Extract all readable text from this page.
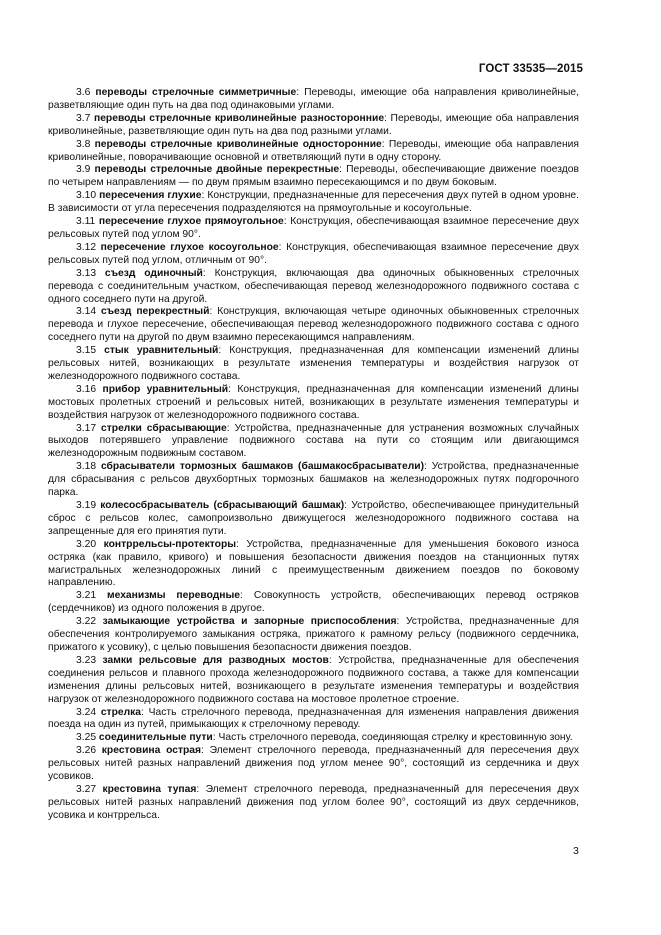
ГОСТ 33535—2015

3.6 переводы стрелочные симметричные: Переводы, имеющие оба направления криволинейные, разветвляющие один путь на два под одинаковыми углами.

3.7 переводы стрелочные криволинейные разносторонние: Переводы, имеющие оба направления криволинейные, разветвляющие один путь на два под разными углами.

3.8 переводы стрелочные криволинейные односторонние: Переводы, имеющие оба направления криволинейные, поворачивающие основной и ответвляющий пути в одну сторону.

3.9 переводы стрелочные двойные перекрестные: Переводы, обеспечивающие движение поездов по четырем направлениям — по двум прямым взаимно пересекающимся и по двум боковым.

3.10 пересечения глухие: Конструкции, предназначенные для пересечения двух путей в одном уровне. В зависимости от угла пересечения подразделяются на прямоугольные и косоугольные.

3.11 пересечение глухое прямоугольное: Конструкция, обеспечивающая взаимное пересечение двух рельсовых путей под углом 90°.

3.12 пересечение глухое косоугольное: Конструкция, обеспечивающая взаимное пересечение двух рельсовых путей под углом, отличным от 90°.

3.13 съезд одиночный: Конструкция, включающая два одиночных обыкновенных стрелочных перевода с соединительным участком, обеспечивающая перевод железнодорожного подвижного состава с одного соседнего пути на другой.

3.14 съезд перекрестный: Конструкция, включающая четыре одиночных обыкновенных стрелочных перевода и глухое пересечение, обеспечивающая перевод железнодорожного подвижного состава с одного соседнего пути на другой по двум взаимно пересекающимся направлениям.

3.15 стык уравнительный: Конструкция, предназначенная для компенсации изменений длины рельсовых нитей, возникающих в результате изменения температуры и воздействия нагрузок от железнодорожного подвижного состава.

3.16 прибор уравнительный: Конструкция, предназначенная для компенсации изменений длины мостовых пролетных строений и рельсовых нитей, возникающих в результате изменения температуры и воздействия нагрузок от железнодорожного подвижного состава.

3.17 стрелки сбрасывающие: Устройства, предназначенные для устранения возможных случайных выходов потерявшего управление подвижного состава на пути со стоящим или двигающимся железнодорожным подвижным составом.

3.18 сбрасыватели тормозных башмаков (башмакосбрасыватели): Устройства, предназначенные для сбрасывания с рельсов двухбортных тормозных башмаков на железнодорожных путях подгорочного парка.

3.19 колесосбрасыватель (сбрасывающий башмак): Устройство, обеспечивающее принудительный сброс с рельсов колес, самопроизвольно движущегося железнодорожного подвижного состава на запрещенные для его принятия пути.

3.20 контррельсы-протекторы: Устройства, предназначенные для уменьшения бокового износа остряка (как правило, кривого) и повышения безопасности движения поездов на станционных путях магистральных железнодорожных линий с преимущественным движением поездов по боковому направлению.

3.21 механизмы переводные: Совокупность устройств, обеспечивающих перевод остряков (сердечников) из одного положения в другое.

3.22 замыкающие устройства и запорные приспособления: Устройства, предназначенные для обеспечения контролируемого замыкания остряка, прижатого к рамному рельсу (подвижного сердечника, прижатого к усовику), с целью повышения безопасности движения поездов.

3.23 замки рельсовые для разводных мостов: Устройства, предназначенные для обеспечения соединения рельсов и плавного прохода железнодорожного подвижного состава, а также для компенсации изменения длины рельсовых нитей, возникающего в результате изменения температуры и воздействия нагрузок от железнодорожного подвижного состава на мостовое пролетное строение.

3.24 стрелка: Часть стрелочного перевода, предназначенная для изменения направления движения поезда на один из путей, примыкающих к стрелочному переводу.

3.25 соединительные пути: Часть стрелочного перевода, соединяющая стрелку и крестовинную зону.

3.26 крестовина острая: Элемент стрелочного перевода, предназначенный для пересечения двух рельсовых нитей разных направлений движения под углом менее 90°, состоящий из сердечника и двух усовиков.

3.27 крестовина тупая: Элемент стрелочного перевода, предназначенный для пересечения двух рельсовых нитей разных направлений движения под углом более 90°, состоящий из двух сердечников, усовика и контррельса.

3
